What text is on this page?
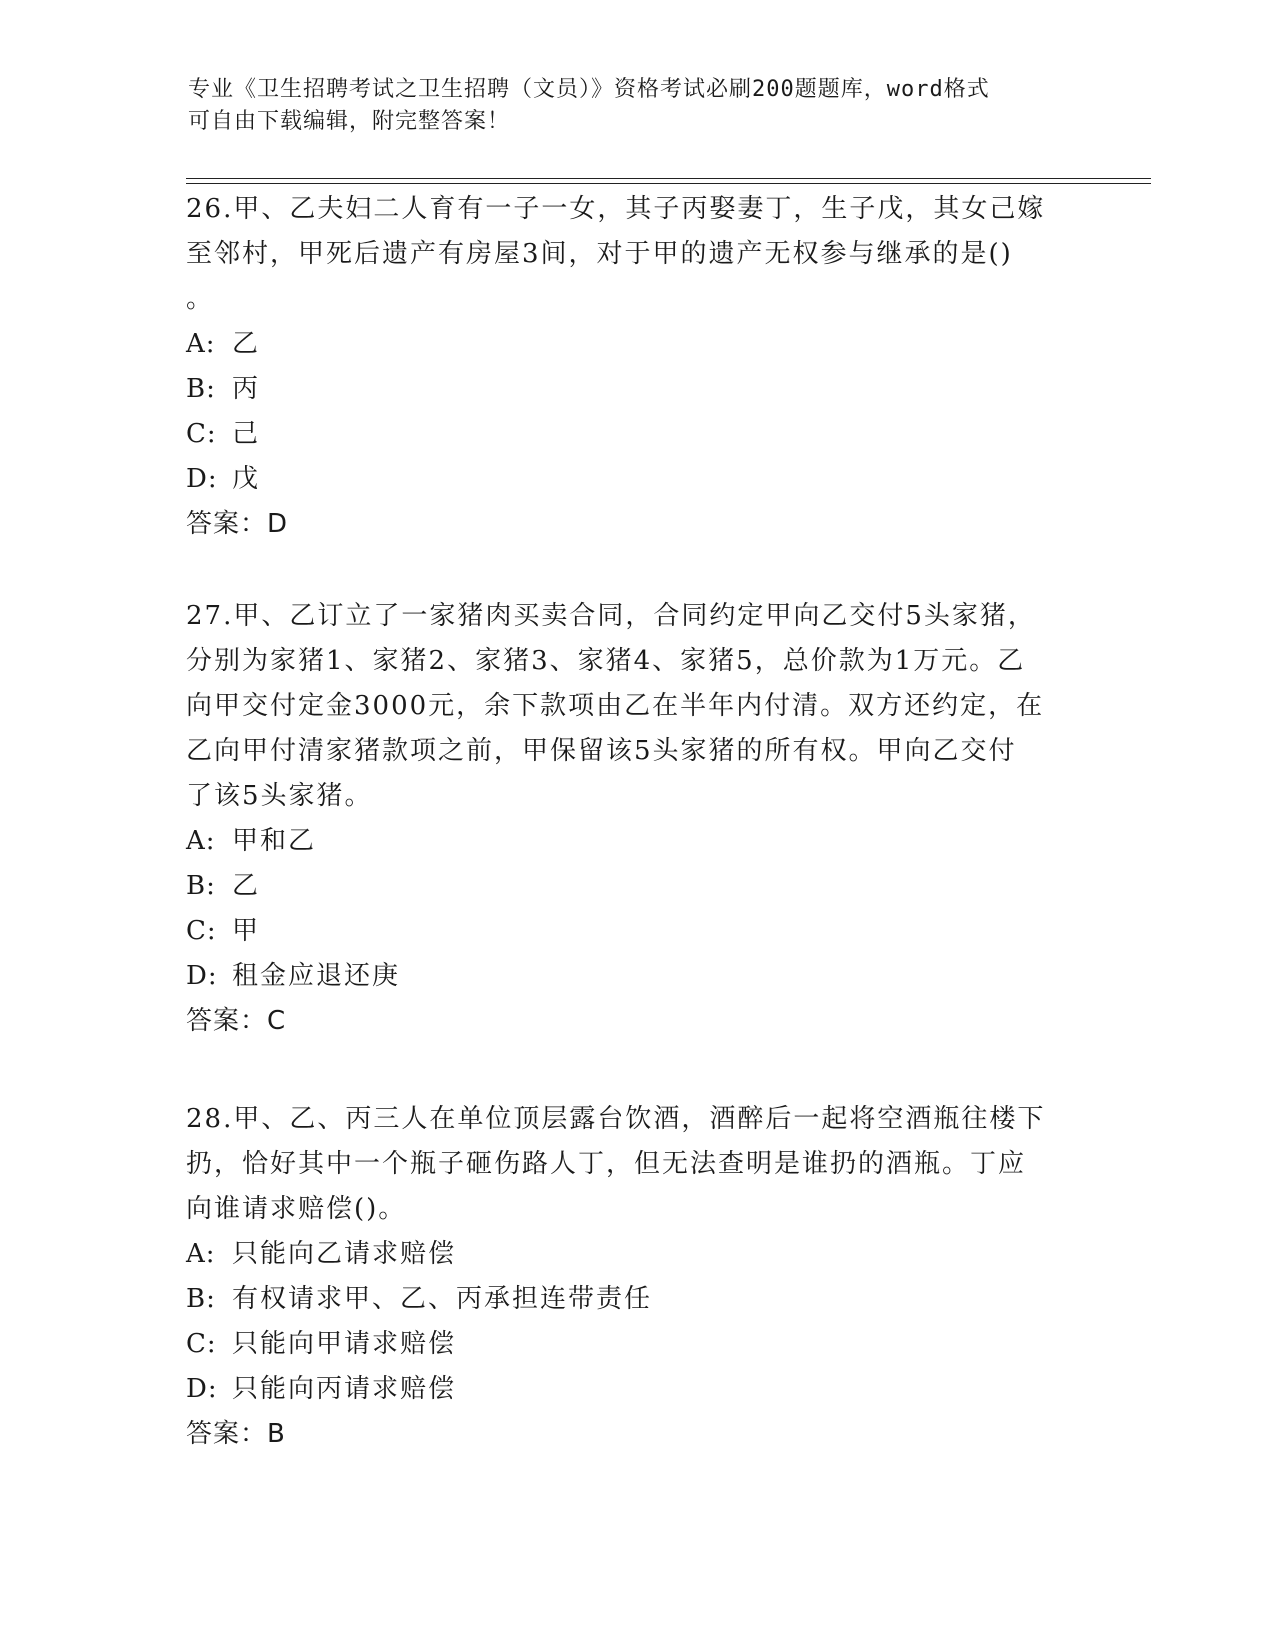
专业《卫生招聘考试之卫生招聘（文员）》资格考试必刷200题题库，word格式
可自由下载编辑，附完整答案！
26.甲、乙夫妇二人育有一子一女，其子丙娶妻丁，生子戊，其女己嫁
至邻村，甲死后遗产有房屋3间，对于甲的遗产无权参与继承的是()
。
A: 乙
B: 丙
C: 己
D: 戊
答案：D
27.甲、乙订立了一家猪肉买卖合同，合同约定甲向乙交付5头家猪，
分别为家猪1、家猪2、家猪3、家猪4、家猪5，总价款为1万元。乙
向甲交付定金3000元，余下款项由乙在半年内付清。双方还约定，在
乙向甲付清家猪款项之前，甲保留该5头家猪的所有权。甲向乙交付
了该5头家猪。
A: 甲和乙
B: 乙
C: 甲
D: 租金应退还庚
答案：C
28.甲、乙、丙三人在单位顶层露台饮酒，酒醉后一起将空酒瓶往楼下
扔，恰好其中一个瓶子砸伤路人丁，但无法查明是谁扔的酒瓶。丁应
向谁请求赔偿()。
A: 只能向乙请求赔偿
B: 有权请求甲、乙、丙承担连带责任
C: 只能向甲请求赔偿
D: 只能向丙请求赔偿
答案：B
